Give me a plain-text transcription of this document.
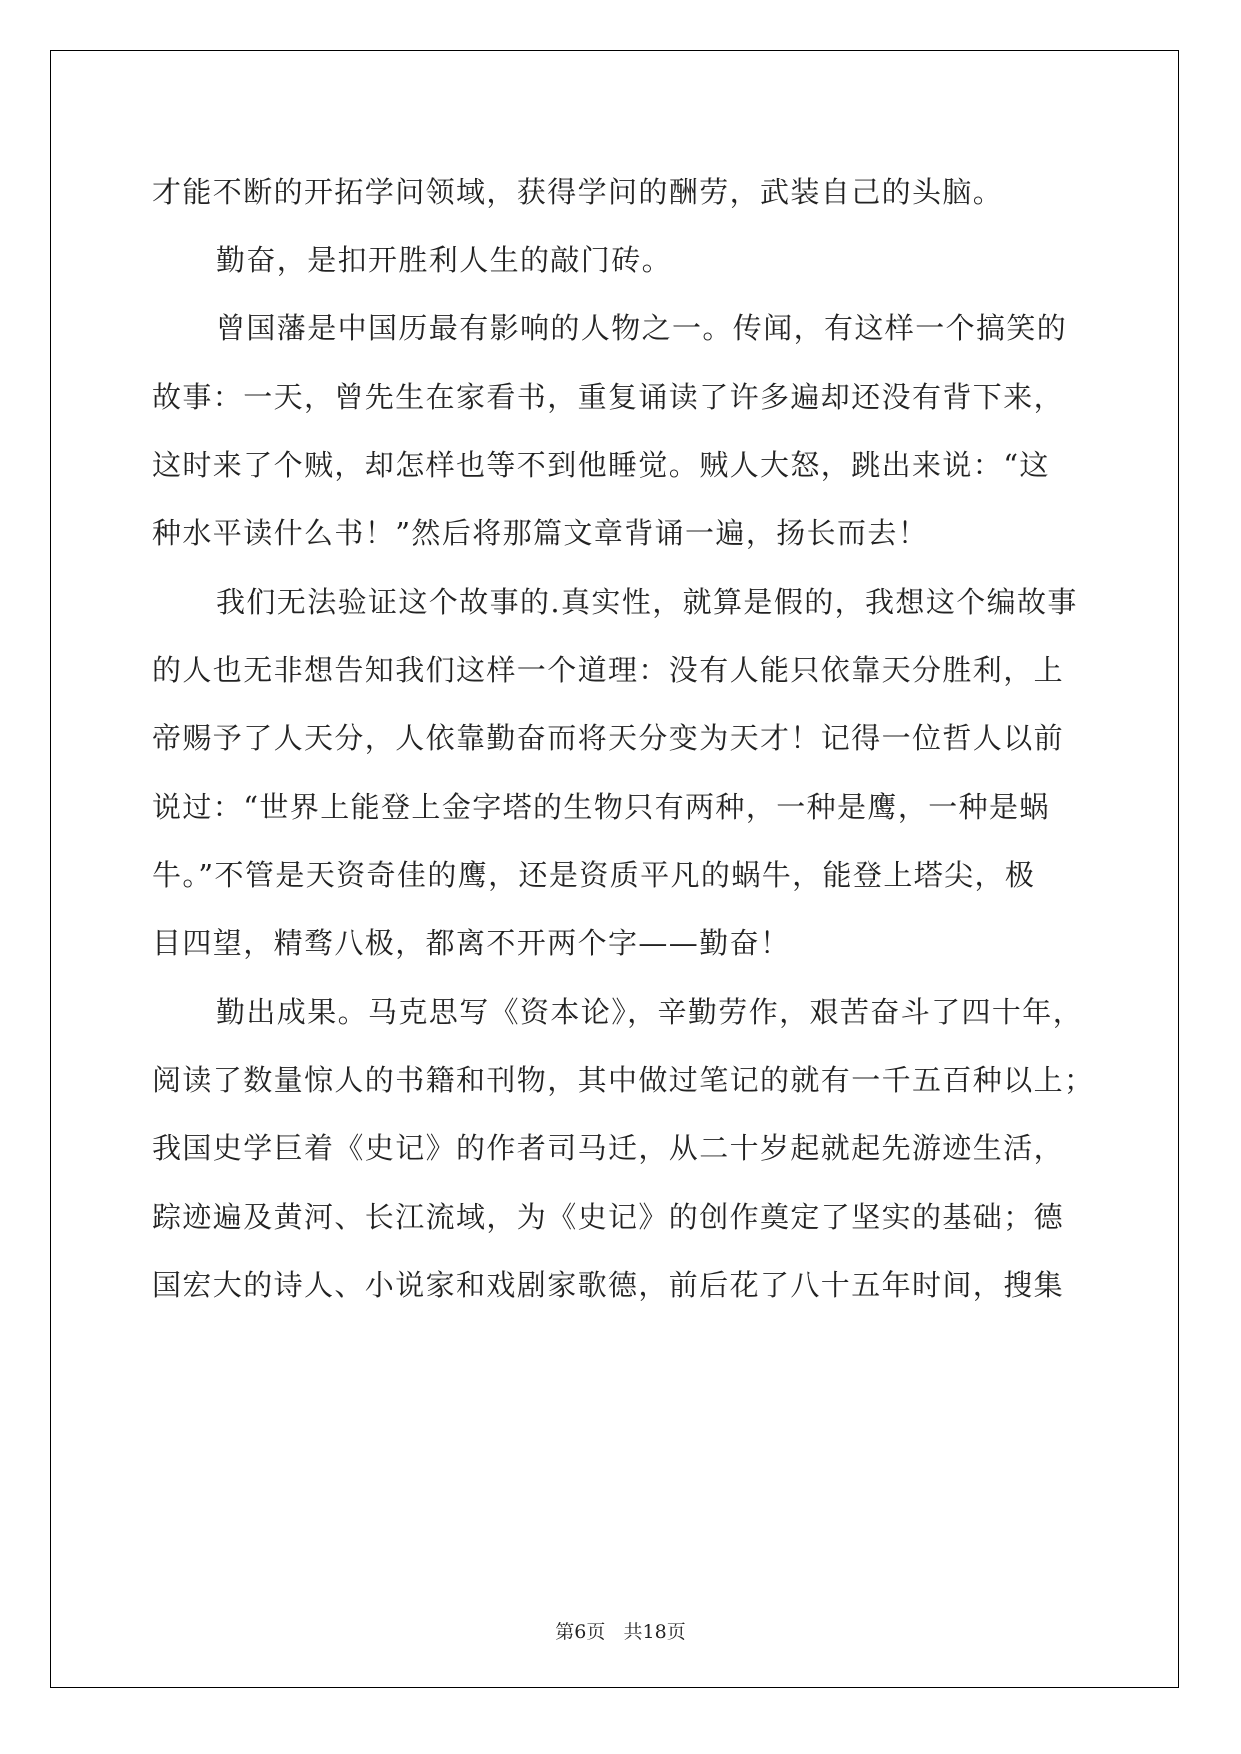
才能不断的开拓学问领域，获得学问的酬劳，武装自己的头脑。
勤奋，是扣开胜利人生的敲门砖。
曾国藩是中国历最有影响的人物之一。传闻，有这样一个搞笑的
故事：一天，曾先生在家看书，重复诵读了许多遍却还没有背下来，
这时来了个贼，却怎样也等不到他睡觉。贼人大怒，跳出来说：“这
种水平读什么书！”然后将那篇文章背诵一遍，扬长而去！
我们无法验证这个故事的.真实性，就算是假的，我想这个编故事
的人也无非想告知我们这样一个道理：没有人能只依靠天分胜利，上
帝赐予了人天分，人依靠勤奋而将天分变为天才！记得一位哲人以前
说过：“世界上能登上金字塔的生物只有两种，一种是鹰，一种是蜗
牛。”不管是天资奇佳的鹰，还是资质平凡的蜗牛，能登上塔尖，极
目四望，精骛八极，都离不开两个字——勤奋！
勤出成果。马克思写《资本论》，辛勤劳作，艰苦奋斗了四十年，
阅读了数量惊人的书籍和刊物，其中做过笔记的就有一千五百种以上；
我国史学巨着《史记》的作者司马迁，从二十岁起就起先游迹生活，
踪迹遍及黄河、长江流域，为《史记》的创作奠定了坚实的基础；德
国宏大的诗人、小说家和戏剧家歌德，前后花了八十五年时间，搜集
第6页 共18页
